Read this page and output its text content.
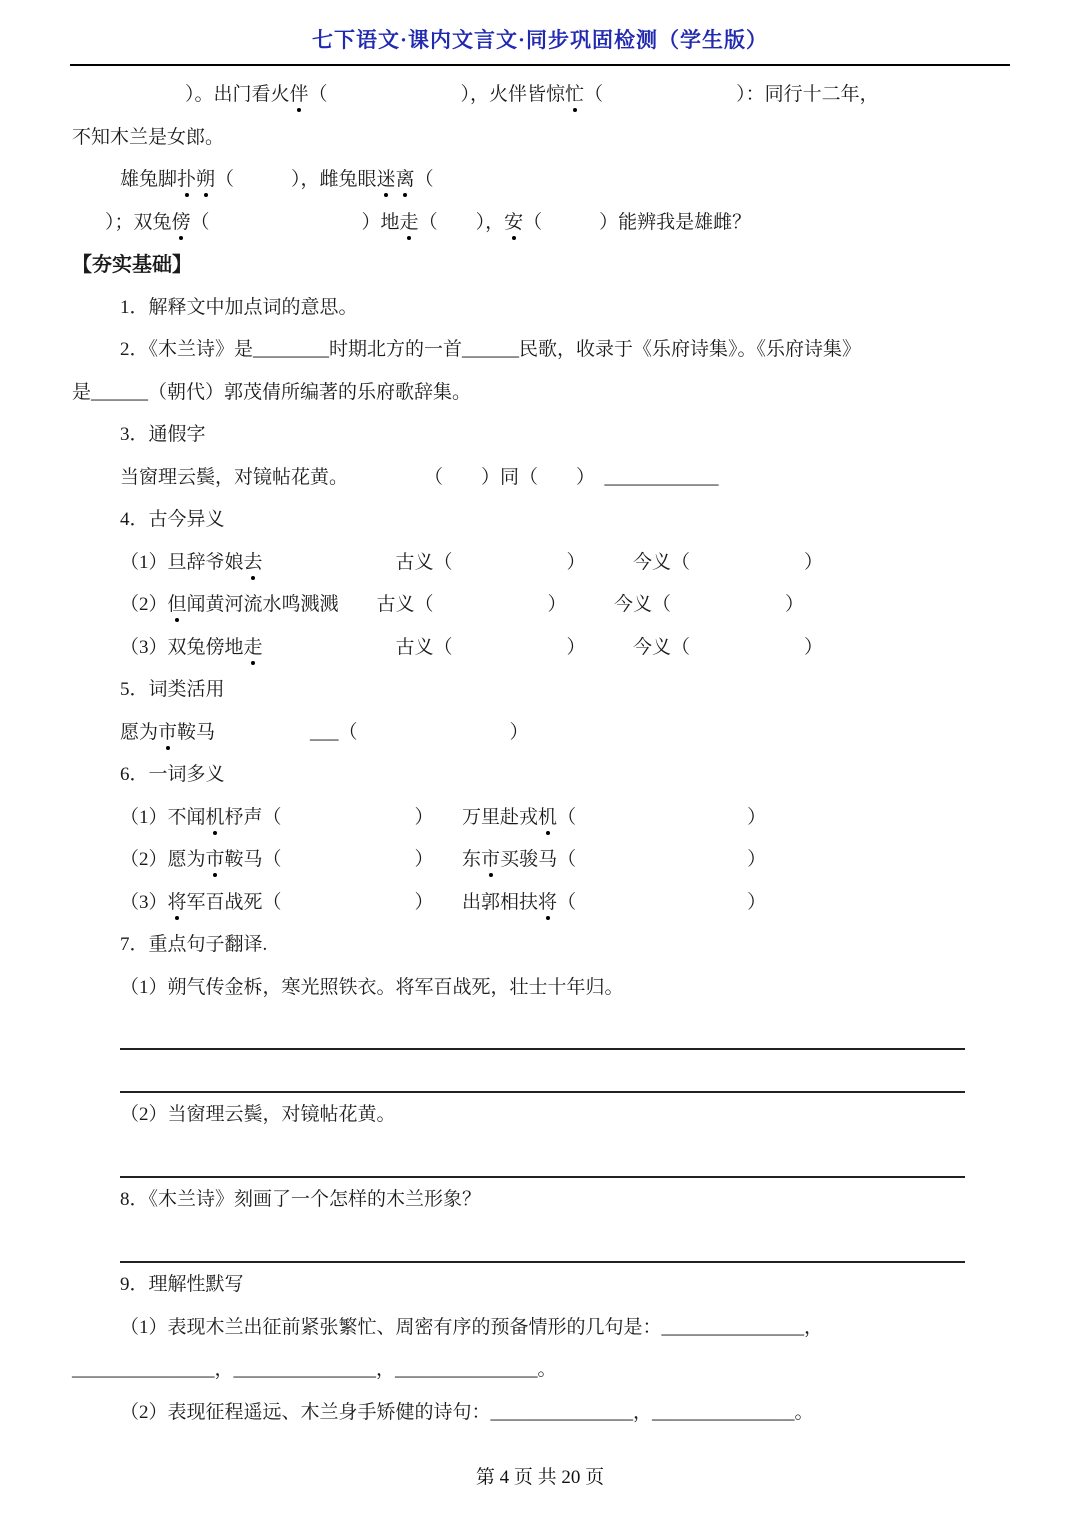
七下语文·课内文言文·同步巩固检测（学生版）
）。出门看火伴（　　　　　　　），火伴皆惊忙（　　　　　　　）：同行十二年，
不知木兰是女郎。
雄兔脚扑朔（　　　），雌兔眼迷离（
）；双兔傍（　　　　　　　　）地走（　　），安（　　　）能辨我是雄雌？
【夯实基础】
1．解释文中加点词的意思。
2．《木兰诗》是________时期北方的一首______民歌，收录于《乐府诗集》。《乐府诗集》
是______（朝代）郭茂倩所编著的乐府歌辞集。
3．通假字
当窗理云鬓，对镜帖花黄。　　　　　（　　）同（　　）　____________
4．古今异义
（1）旦辞爷娘去　　　　　　　古义（　　　　　　）　　　今义（　　　　　　）
（2）但闻黄河流水鸣溅溅　　古义（　　　　　　）　　　今义（　　　　　　）
（3）双兔傍地走　　　　　　　古义（　　　　　　）　　　今义（　　　　　　）
5．词类活用
愿为市鞍马　　　　　___（　　　　　　　　）
6．一词多义
（1）不闻机杼声（　　　　　　　）　　万里赴戎机（　　　　　　　　　）
（2）愿为市鞍马（　　　　　　　）　　东市买骏马（　　　　　　　　　）
（3）将军百战死（　　　　　　　）　　出郭相扶将（　　　　　　　　　）
7．重点句子翻译.
（1）朔气传金柝，寒光照铁衣。将军百战死，壮士十年归。
（2）当窗理云鬓，对镜帖花黄。
8．《木兰诗》刻画了一个怎样的木兰形象？
9．理解性默写
（1）表现木兰出征前紧张繁忙、周密有序的预备情形的几句是：_______________，
_______________，_______________，_______________。
（2）表现征程遥远、木兰身手矫健的诗句：_______________，_______________。
第 4 页 共 20 页
